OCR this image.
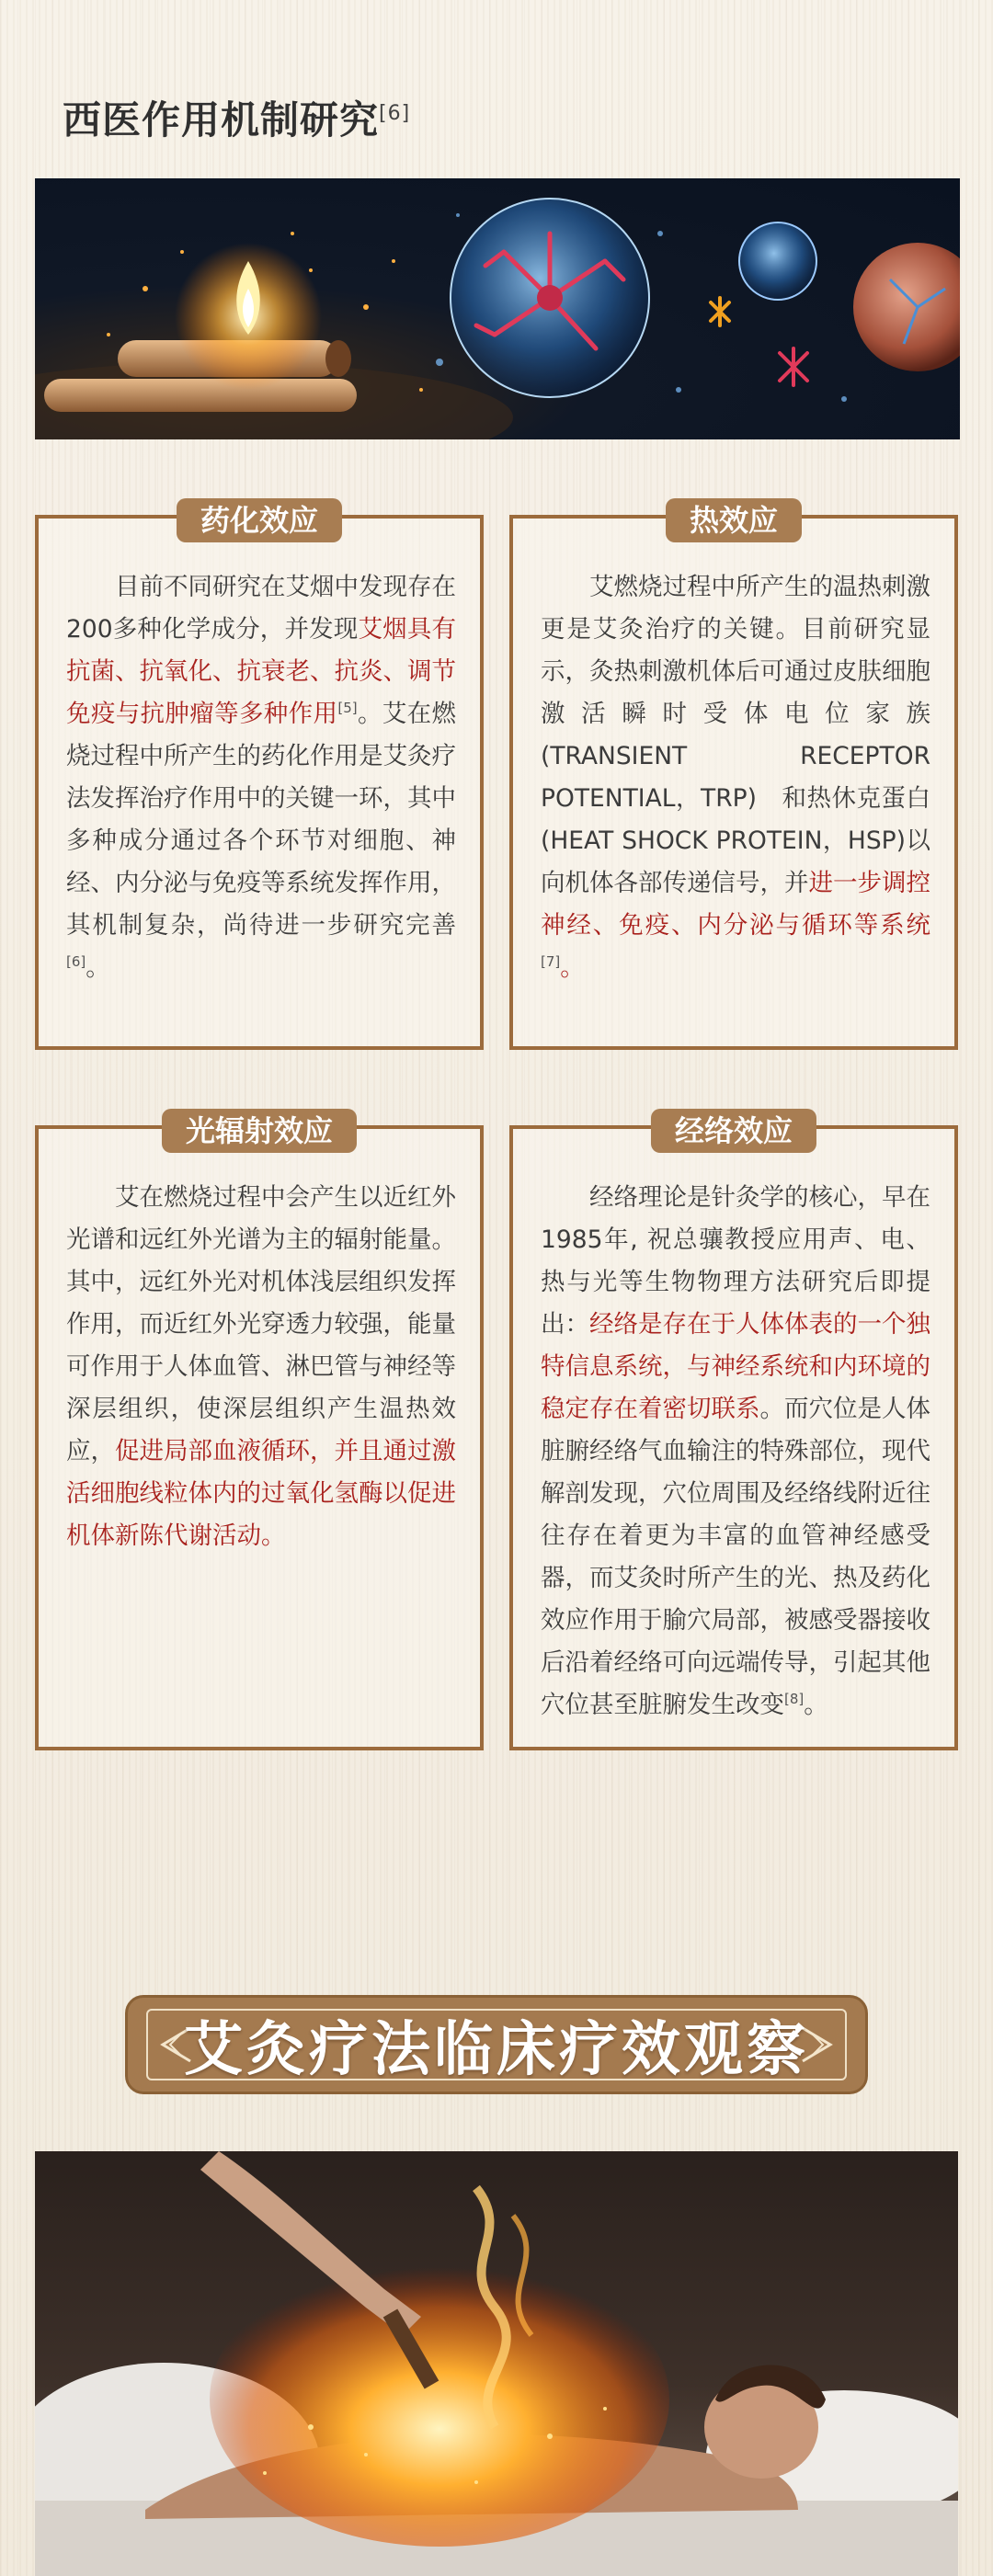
西医作用机制研究[6]
药化效应

  目前不同研究在艾烟中发现存在200多种化学成分，并发现艾烟具有抗菌、抗氧化、抗衰老、抗炎、调节免疫与抗肿瘤等多种作用[5]。艾在燃烧过程中所产生的药化作用是艾灸疗法发挥治疗作用中的关键一环，其中多种成分通过各个环节对细胞、神经、内分泌与免疫等系统发挥作用，其机制复杂，尚待进一步研究完善[6]。

热效应

  艾燃烧过程中所产生的温热刺激更是艾灸治疗的关键。目前研究显示，灸热刺激机体后可通过皮肤细胞激活瞬时受体电位家族(TRANSIENT RECEPTOR POTENTIAL，TRP)　和热休克蛋白(HEAT SHOCK PROTEIN，HSP)以向机体各部传递信号，并进一步调控神经、免疫、内分泌与循环等系统[7]。

光辐射效应

  艾在燃烧过程中会产生以近红外光谱和远红外光谱为主的辐射能量。其中，远红外光对机体浅层组织发挥作用，而近红外光穿透力较强，能量可作用于人体血管、淋巴管与神经等深层组织，使深层组织产生温热效应，促进局部血液循环，并且通过激活细胞线粒体内的过氧化氢酶以促进机体新陈代谢活动。

经络效应

  经络理论是针灸学的核心，早在1985年, 祝总骧教授应用声、电、热与光等生物物理方法研究后即提出：经络是存在于人体体表的一个独特信息系统，与神经系统和内环境的稳定存在着密切联系。而穴位是人体脏腑经络气血输注的特殊部位，现代解剖发现，穴位周围及经络线附近往往存在着更为丰富的血管神经感受器，而艾灸时所产生的光、热及药化效应作用于腧穴局部，被感受器接收后沿着经络可向远端传导，引起其他穴位甚至脏腑发生改变[8]。

艾灸疗法临床疗效观察
